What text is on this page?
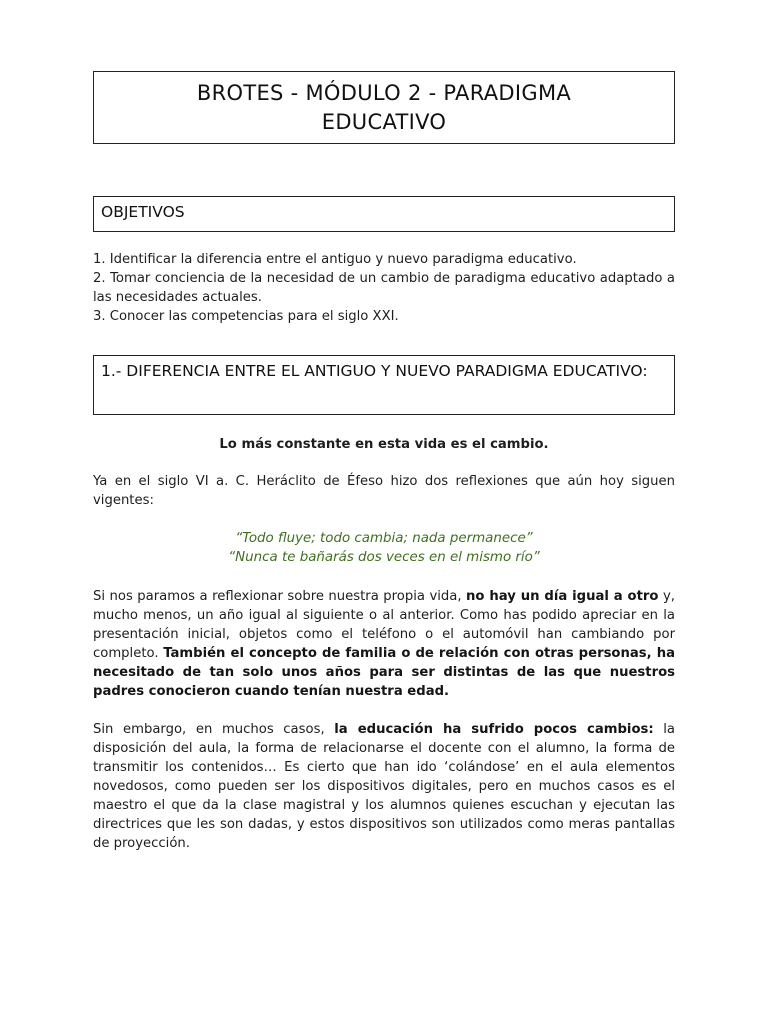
BROTES - MÓDULO 2 - PARADIGMA
EDUCATIVO
OBJETIVOS

1. Identificar la diferencia entre el antiguo y nuevo paradigma educativo.

2. Tomar conciencia de la necesidad de un cambio de paradigma educativo adaptado a las necesidades actuales.

3. Conocer las competencias para el siglo XXI.

1.- DIFERENCIA ENTRE EL ANTIGUO Y NUEVO PARADIGMA EDUCATIVO:
Lo más constante en esta vida es el cambio.

Ya en el siglo VI a. C. Heráclito de Éfeso hizo dos reflexiones que aún hoy siguen vigentes:

“Todo fluye; todo cambia; nada permanece”
“Nunca te bañarás dos veces en el mismo río”

Si nos paramos a reflexionar sobre nuestra propia vida, no hay un día igual a otro y, mucho menos, un año igual al siguiente o al anterior. Como has podido apreciar en la presentación inicial, objetos como el teléfono o el automóvil han cambiando por completo. También el concepto de familia o de relación con otras personas, ha necesitado de tan solo unos años para ser distintas de las que nuestros padres conocieron cuando tenían nuestra edad.

Sin embargo, en muchos casos, la educación ha sufrido pocos cambios: la disposición del aula, la forma de relacionarse el docente con el alumno, la forma de transmitir los contenidos… Es cierto que han ido ‘colándose’ en el aula elementos novedosos, como pueden ser los dispositivos digitales, pero en muchos casos es el maestro el que da la clase magistral y los alumnos quienes escuchan y ejecutan las directrices que les son dadas, y estos dispositivos son utilizados como meras pantallas de proyección.
